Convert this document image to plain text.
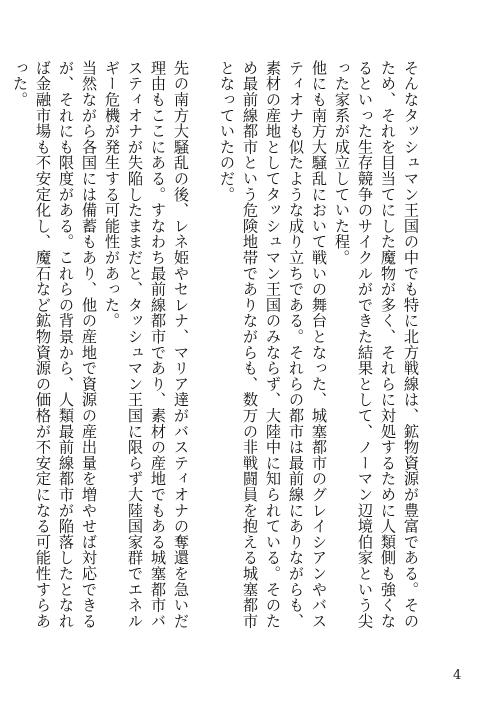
そんなタッシュマン王国の中でも特に北方戦線は、鉱物資源が豊富である。そのため、それを目当てにした魔物が多く、それらに対処するために人類側も強くなるといった生存競争のサイクルができた結果として、ノーマン辺境伯家という尖った家系が成立していた程。

他にも南方大騒乱において戦いの舞台となった、城塞都市のグレイシアンやバスティオナも似たような成り立ちである。それらの都市は最前線にありながらも、素材の産地としてタッシュマン王国のみならず、大陸中に知られている。そのため最前線都市という危険地帯でありながらも、数万の非戦闘員を抱える城塞都市となっていたのだ。

先の南方大騒乱の後、レネ姫やセレナ、マリア達がバスティオナの奪還を急いだ理由もここにある。すなわち最前線都市であり、素材の産地でもある城塞都市バスティオナが失陥したままだと、タッシュマン王国に限らず大陸国家群でエネルギー危機が発生する可能性があった。

当然ながら各国には備蓄もあり、他の産地で資源の産出量を増やせば対応できるが、それにも限度がある。これらの背景から、人類最前線都市が陥落したとなれば金融市場も不安定化し、魔石など鉱物資源の価格が不安定になる可能性すらあった。

4
